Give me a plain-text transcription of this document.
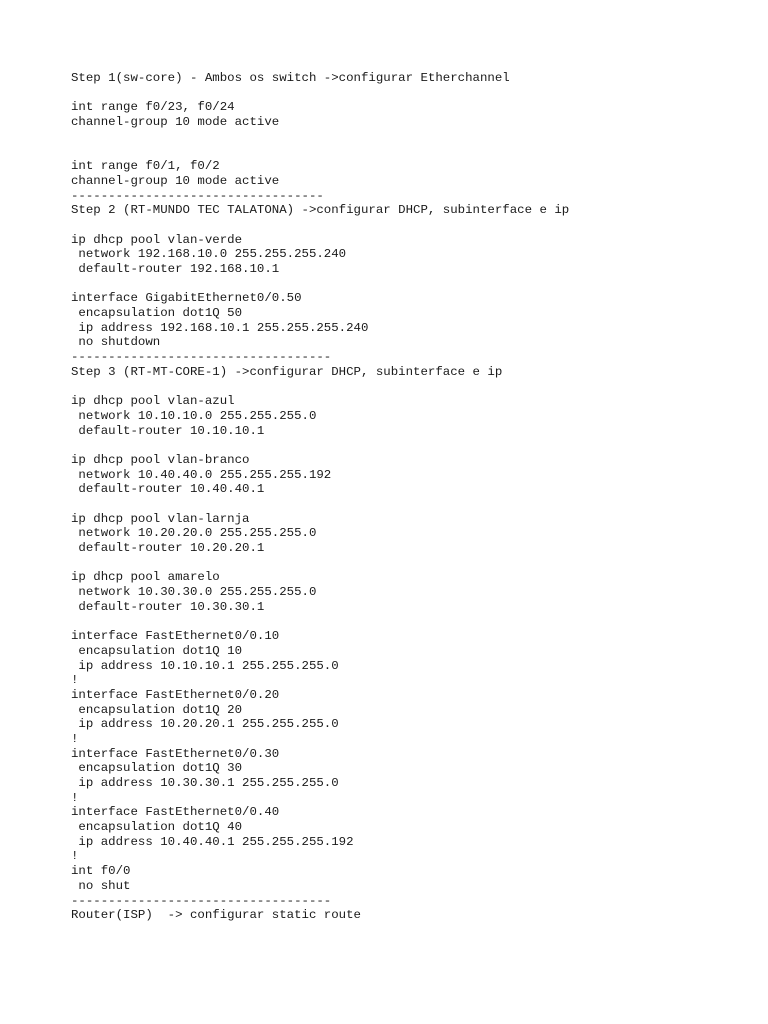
Step 1(sw-core) - Ambos os switch ->configurar Etherchannel
int range f0/23, f0/24
channel-group 10 mode active
int range f0/1, f0/2
channel-group 10 mode active
----------------------------------
Step 2 (RT-MUNDO TEC TALATONA) ->configurar DHCP, subinterface e ip
ip dhcp pool vlan-verde
network 192.168.10.0 255.255.255.240
default-router 192.168.10.1
interface GigabitEthernet0/0.50
encapsulation dot1Q 50
ip address 192.168.10.1 255.255.255.240
no shutdown
-----------------------------------
Step 3 (RT-MT-CORE-1) ->configurar DHCP, subinterface e ip
ip dhcp pool vlan-azul
network 10.10.10.0 255.255.255.0
default-router 10.10.10.1
ip dhcp pool vlan-branco
network 10.40.40.0 255.255.255.192
default-router 10.40.40.1
ip dhcp pool vlan-larnja
network 10.20.20.0 255.255.255.0
default-router 10.20.20.1
ip dhcp pool amarelo
network 10.30.30.0 255.255.255.0
default-router 10.30.30.1
interface FastEthernet0/0.10
encapsulation dot1Q 10
ip address 10.10.10.1 255.255.255.0
!
interface FastEthernet0/0.20
encapsulation dot1Q 20
ip address 10.20.20.1 255.255.255.0
!
interface FastEthernet0/0.30
encapsulation dot1Q 30
ip address 10.30.30.1 255.255.255.0
!
interface FastEthernet0/0.40
encapsulation dot1Q 40
ip address 10.40.40.1 255.255.255.192
!
int f0/0
no shut
-----------------------------------
Router(ISP)  -> configurar static route
